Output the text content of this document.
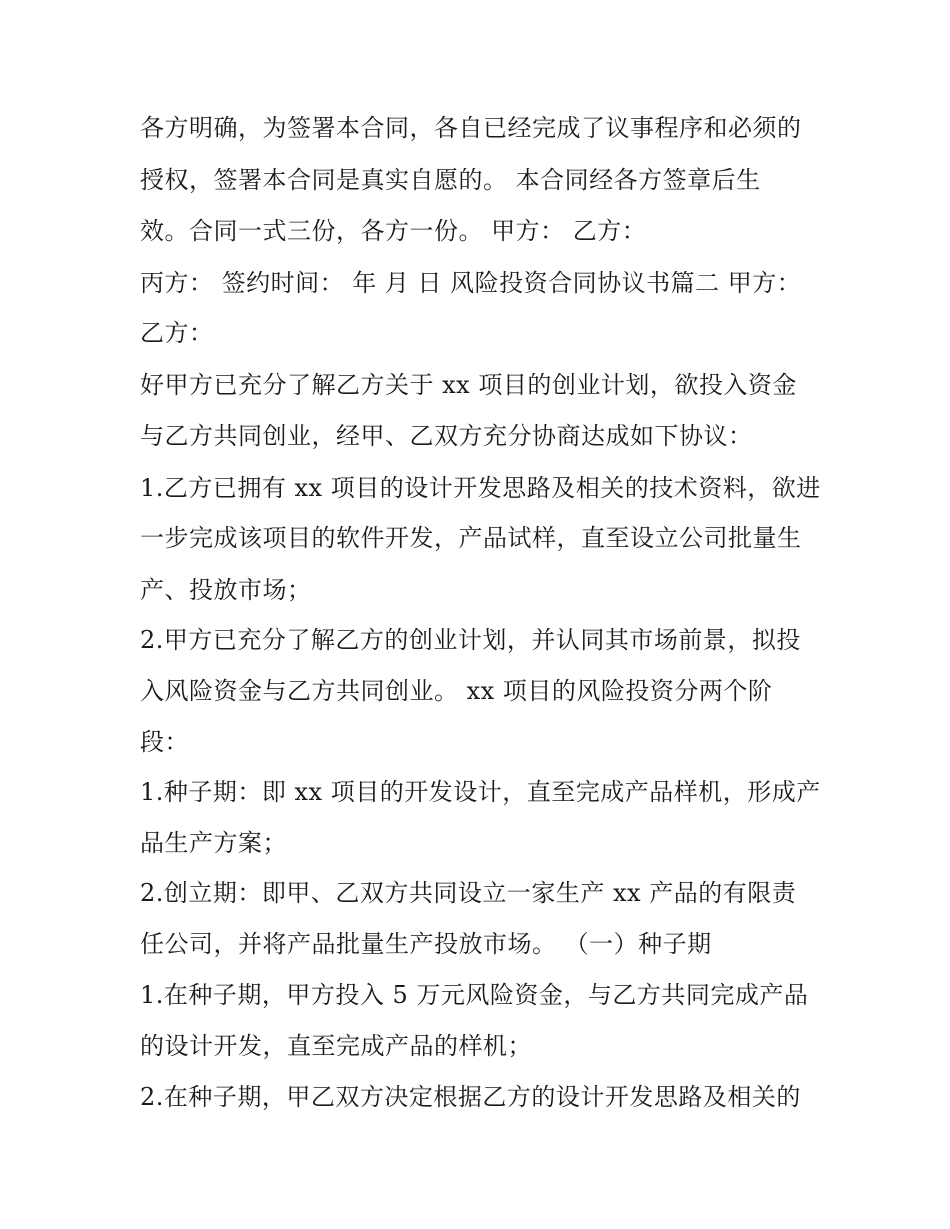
各方明确，为签署本合同，各自已经完成了议事程序和必须的
授权，签署本合同是真实自愿的。 本合同经各方签章后生
效。合同一式三份，各方一份。 甲方： 乙方：
丙方： 签约时间： 年 月 日 风险投资合同协议书篇二 甲方：
乙方：
好甲方已充分了解乙方关于 xx 项目的创业计划，欲投入资金
与乙方共同创业，经甲、乙双方充分协商达成如下协议：
1.乙方已拥有 xx 项目的设计开发思路及相关的技术资料，欲进
一步完成该项目的软件开发，产品试样，直至设立公司批量生
产、投放市场；
2.甲方已充分了解乙方的创业计划，并认同其市场前景，拟投
入风险资金与乙方共同创业。 xx 项目的风险投资分两个阶
段：
1.种子期：即 xx 项目的开发设计，直至完成产品样机，形成产
品生产方案；
2.创立期：即甲、乙双方共同设立一家生产 xx 产品的有限责
任公司，并将产品批量生产投放市场。 （一）种子期
1.在种子期，甲方投入 5 万元风险资金，与乙方共同完成产品
的设计开发，直至完成产品的样机；
2.在种子期，甲乙双方决定根据乙方的设计开发思路及相关的
